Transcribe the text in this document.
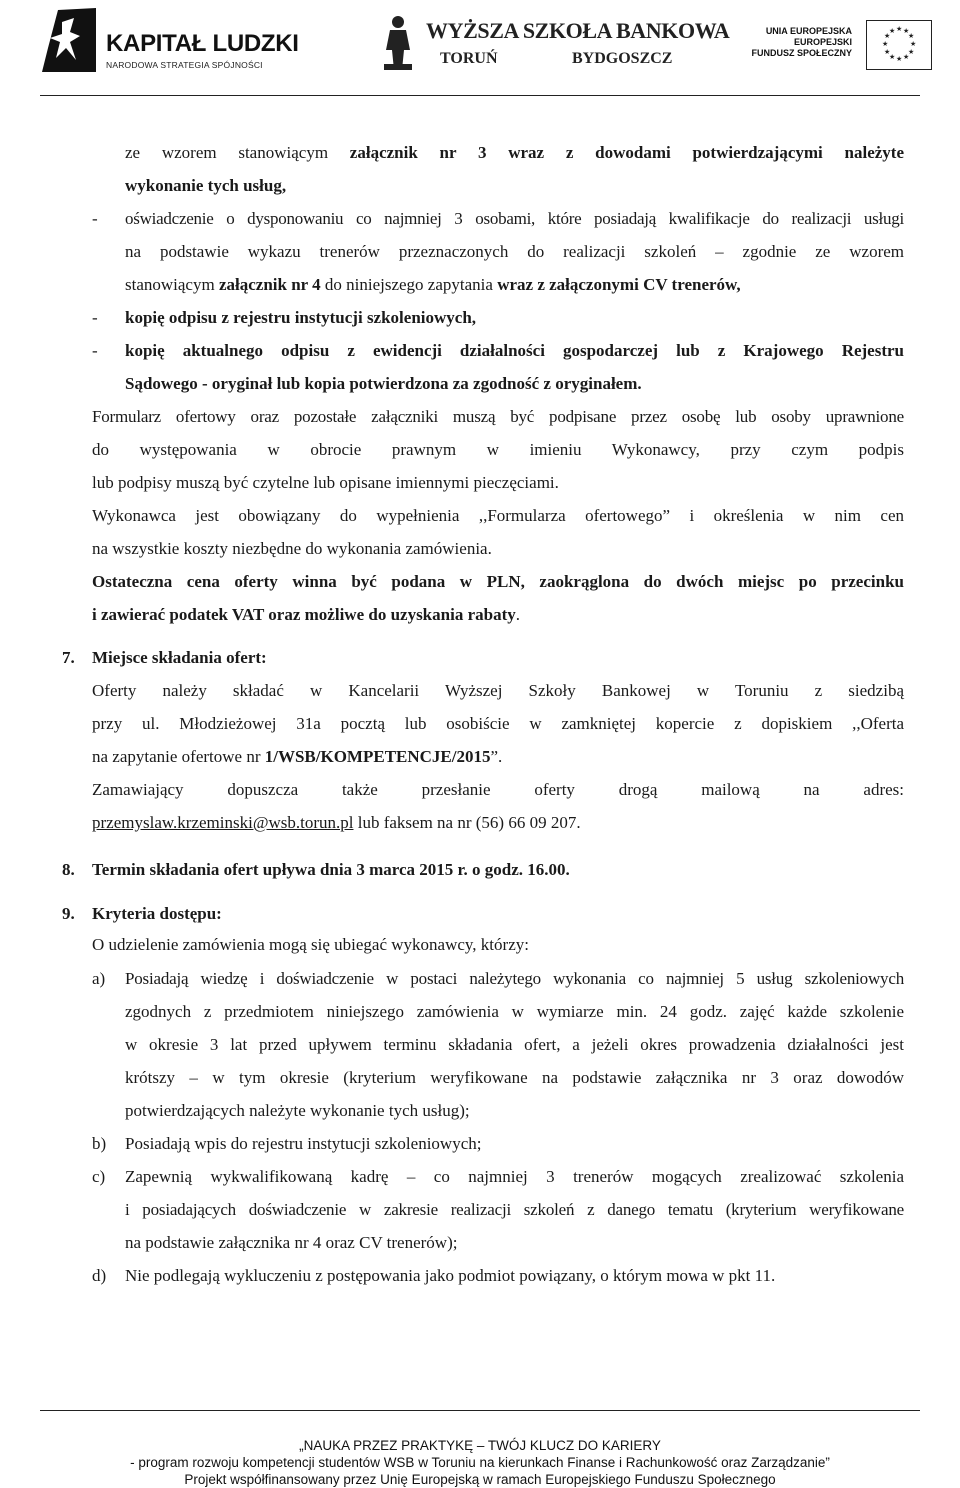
KAPITAŁ LUDZKI
NARODOWA STRATEGIA SPÓJNOŚCI
WYŻSZA SZKOŁA BANKOWA
TORUŃ	BYDGOSZCZ
UNIA EUROPEJSKA
EUROPEJSKI
FUNDUSZ SPOŁECZNY
★ ★
★
★
★
★
★
★
★
★
★
★
ze wzorem stanowiącym załącznik nr 3 wraz z dowodami potwierdzającymi należyte
wykonanie tych usług,
- oświadczenie o dysponowaniu co najmniej 3 osobami, które posiadają kwalifikacje do realizacji usługi
na podstawie wykazu trenerów przeznaczonych do realizacji szkoleń – zgodnie ze wzorem
stanowiącym załącznik nr 4 do niniejszego zapytania wraz z załączonymi CV trenerów,
- kopię odpisu z rejestru instytucji szkoleniowych,
- kopię aktualnego odpisu z ewidencji działalności gospodarczej lub z Krajowego Rejestru
Sądowego - oryginał lub kopia potwierdzona za zgodność z oryginałem.
Formularz ofertowy oraz pozostałe załączniki muszą być podpisane przez osobę lub osoby uprawnione
do występowania w obrocie prawnym w imieniu Wykonawcy, przy czym podpis
lub podpisy muszą być czytelne lub opisane imiennymi pieczęciami.
Wykonawca jest obowiązany do wypełnienia ,,Formularza ofertowego” i określenia w nim cen
na wszystkie koszty niezbędne do wykonania zamówienia.
Ostateczna cena oferty winna być podana w PLN, zaokrąglona do dwóch miejsc po przecinku
i zawierać podatek VAT oraz możliwe do uzyskania rabaty.
7. Miejsce składania ofert:
Oferty należy składać w Kancelarii Wyższej Szkoły Bankowej w Toruniu z siedzibą
przy ul. Młodzieżowej 31a pocztą lub osobiście w zamkniętej kopercie z dopiskiem ,,Oferta
na zapytanie ofertowe nr 1/WSB/KOMPETENCJE/2015”.
Zamawiający dopuszcza także przesłanie oferty drogą mailową na adres:
przemyslaw.krzeminski@wsb.torun.pl lub faksem na nr (56) 66 09 207.
8. Termin składania ofert upływa dnia 3 marca 2015 r. o godz. 16.00.
9. Kryteria dostępu:
O udzielenie zamówienia mogą się ubiegać wykonawcy, którzy:
a) Posiadają wiedzę i doświadczenie w postaci należytego wykonania co najmniej 5 usług szkoleniowych
zgodnych z przedmiotem niniejszego zamówienia w wymiarze min. 24 godz. zajęć każde szkolenie
w okresie 3 lat przed upływem terminu składania ofert, a jeżeli okres prowadzenia działalności jest
krótszy – w tym okresie (kryterium weryfikowane na podstawie załącznika nr 3 oraz dowodów
potwierdzających należyte wykonanie tych usług);
b) Posiadają wpis do rejestru instytucji szkoleniowych;
c) Zapewnią wykwalifikowaną kadrę – co najmniej 3 trenerów mogących zrealizować szkolenia
i posiadających doświadczenie w zakresie realizacji szkoleń z danego tematu (kryterium weryfikowane
na podstawie załącznika nr 4 oraz CV trenerów);
d) Nie podlegają wykluczeniu z postępowania jako podmiot powiązany, o którym mowa w pkt 11.
„NAUKA PRZEZ PRAKTYKĘ – TWÓJ KLUCZ DO KARIERY
- program rozwoju kompetencji studentów WSB w Toruniu na kierunkach Finanse i Rachunkowość oraz Zarządzanie”
Projekt współfinansowany przez Unię Europejską w ramach Europejskiego Funduszu Społecznego
